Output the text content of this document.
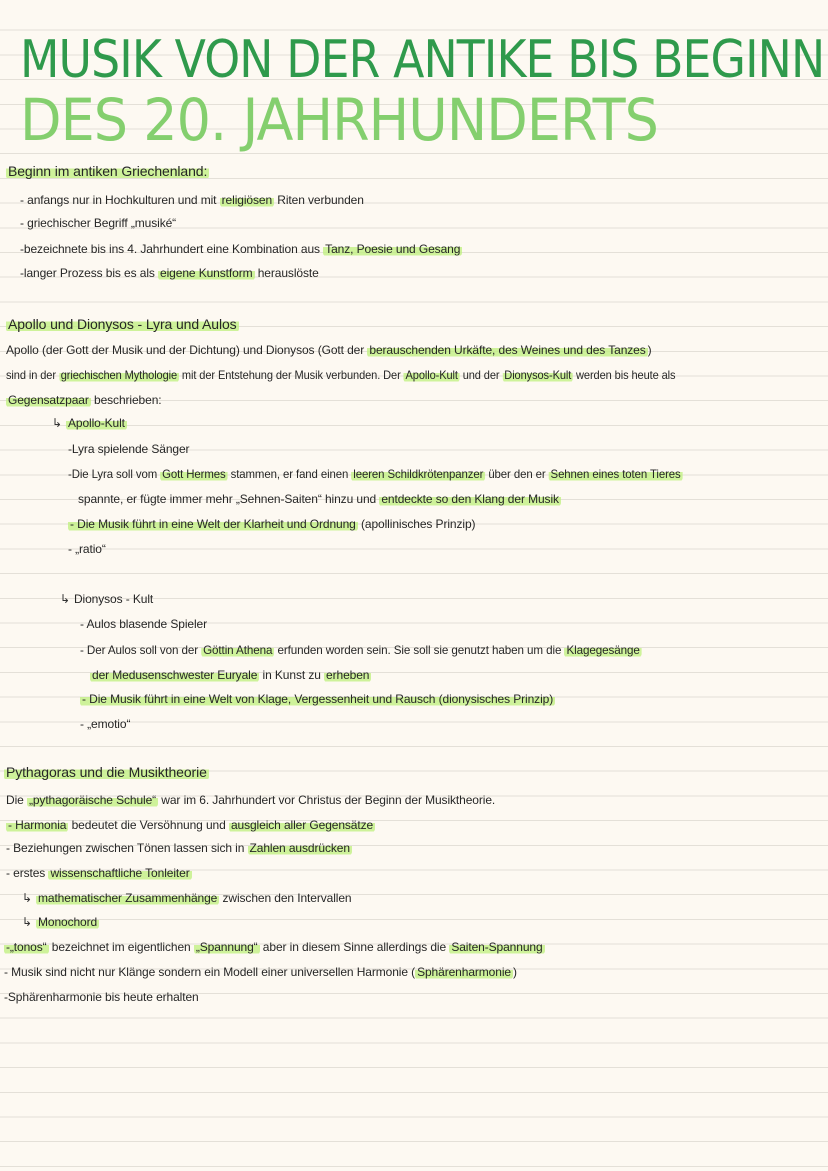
MUSIK VON DER ANTIKE BIS BEGINN
DES 20. JAHRHUNDERTS
Beginn im antiken Griechenland:
- anfangs nur in Hochkulturen und mit religiösen Riten verbunden
- griechischer Begriff „musiké“
-bezeichnete bis ins 4. Jahrhundert eine Kombination aus Tanz, Poesie und Gesang
-langer Prozess bis es als eigene Kunstform herauslöste
Apollo und Dionysos - Lyra und Aulos
Apollo (der Gott der Musik und der Dichtung) und Dionysos (Gott der berauschenden Urkäfte, des Weines und des Tanzes )
sind in der griechischen Mythologie mit der Entstehung der Musik verbunden. Der Apollo-Kult und der Dionysos-Kult werden bis heute als
Gegensatzpaar beschrieben:
↳ Apollo-Kult
-Lyra spielende Sänger
-Die Lyra soll vom Gott Hermes stammen, er fand einen leeren Schildkrötenpanzer über den er Sehnen eines toten Tieres
spannte, er fügte immer mehr „Sehnen-Saiten“ hinzu und entdeckte so den Klang der Musik
- Die Musik führt in eine Welt der Klarheit und Ordnung (apollinisches Prinzip)
- „ratio“
↳ Dionysos - Kult
- Aulos blasende Spieler
- Der Aulos soll von der Göttin Athena erfunden worden sein. Sie soll sie genutzt haben um die Klagegesänge
der Medusenschwester Euryale in Kunst zu erheben
- Die Musik führt in eine Welt von Klage, Vergessenheit und Rausch (dionysisches Prinzip)
- „emotio“
Pythagoras und die Musiktheorie
Die „pythagoräische Schule“ war im 6. Jahrhundert vor Christus der Beginn der Musiktheorie.
- Harmonia bedeutet die Versöhnung und ausgleich aller Gegensätze
- Beziehungen zwischen Tönen lassen sich in Zahlen ausdrücken
- erstes wissenschaftliche Tonleiter
↳ mathematischer Zusammenhänge zwischen den Intervallen
↳ Monochord
-„tonos“ bezeichnet im eigentlichen „Spannung“ aber in diesem Sinne allerdings die Saiten-Spannung
- Musik sind nicht nur Klänge sondern ein Modell einer universellen Harmonie ( Sphärenharmonie )
-Sphärenharmonie bis heute erhalten
